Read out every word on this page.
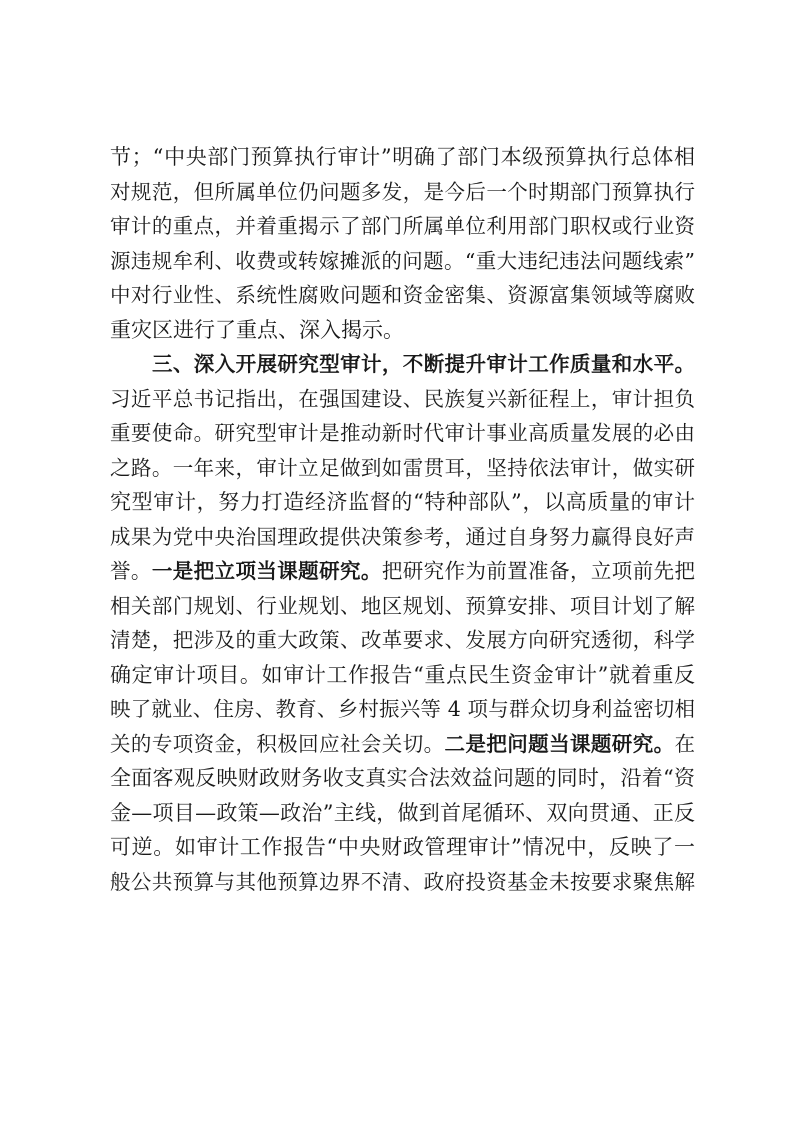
节；“中央部门预算执行审计”明确了部门本级预算执行总体相
对规范，但所属单位仍问题多发，是今后一个时期部门预算执行
审计的重点，并着重揭示了部门所属单位利用部门职权或行业资
源违规牟利、收费或转嫁摊派的问题。“重大违纪违法问题线索”
中对行业性、系统性腐败问题和资金密集、资源富集领域等腐败
重灾区进行了重点、深入揭示。
三、深入开展研究型审计，不断提升审计工作质量和水平。
习近平总书记指出，在强国建设、民族复兴新征程上，审计担负
重要使命。研究型审计是推动新时代审计事业高质量发展的必由
之路。一年来，审计立足做到如雷贯耳，坚持依法审计，做实研
究型审计，努力打造经济监督的“特种部队”，以高质量的审计
成果为党中央治国理政提供决策参考，通过自身努力赢得良好声
誉。一是把立项当课题研究。把研究作为前置准备，立项前先把
相关部门规划、行业规划、地区规划、预算安排、项目计划了解
清楚，把涉及的重大政策、改革要求、发展方向研究透彻，科学
确定审计项目。如审计工作报告“重点民生资金审计”就着重反
映了就业、住房、教育、乡村振兴等 4 项与群众切身利益密切相
关的专项资金，积极回应社会关切。二是把问题当课题研究。在
全面客观反映财政财务收支真实合法效益问题的同时，沿着“资
金—项目—政策—政治”主线，做到首尾循环、双向贯通、正反
可逆。如审计工作报告“中央财政管理审计”情况中，反映了一
般公共预算与其他预算边界不清、政府投资基金未按要求聚焦解
